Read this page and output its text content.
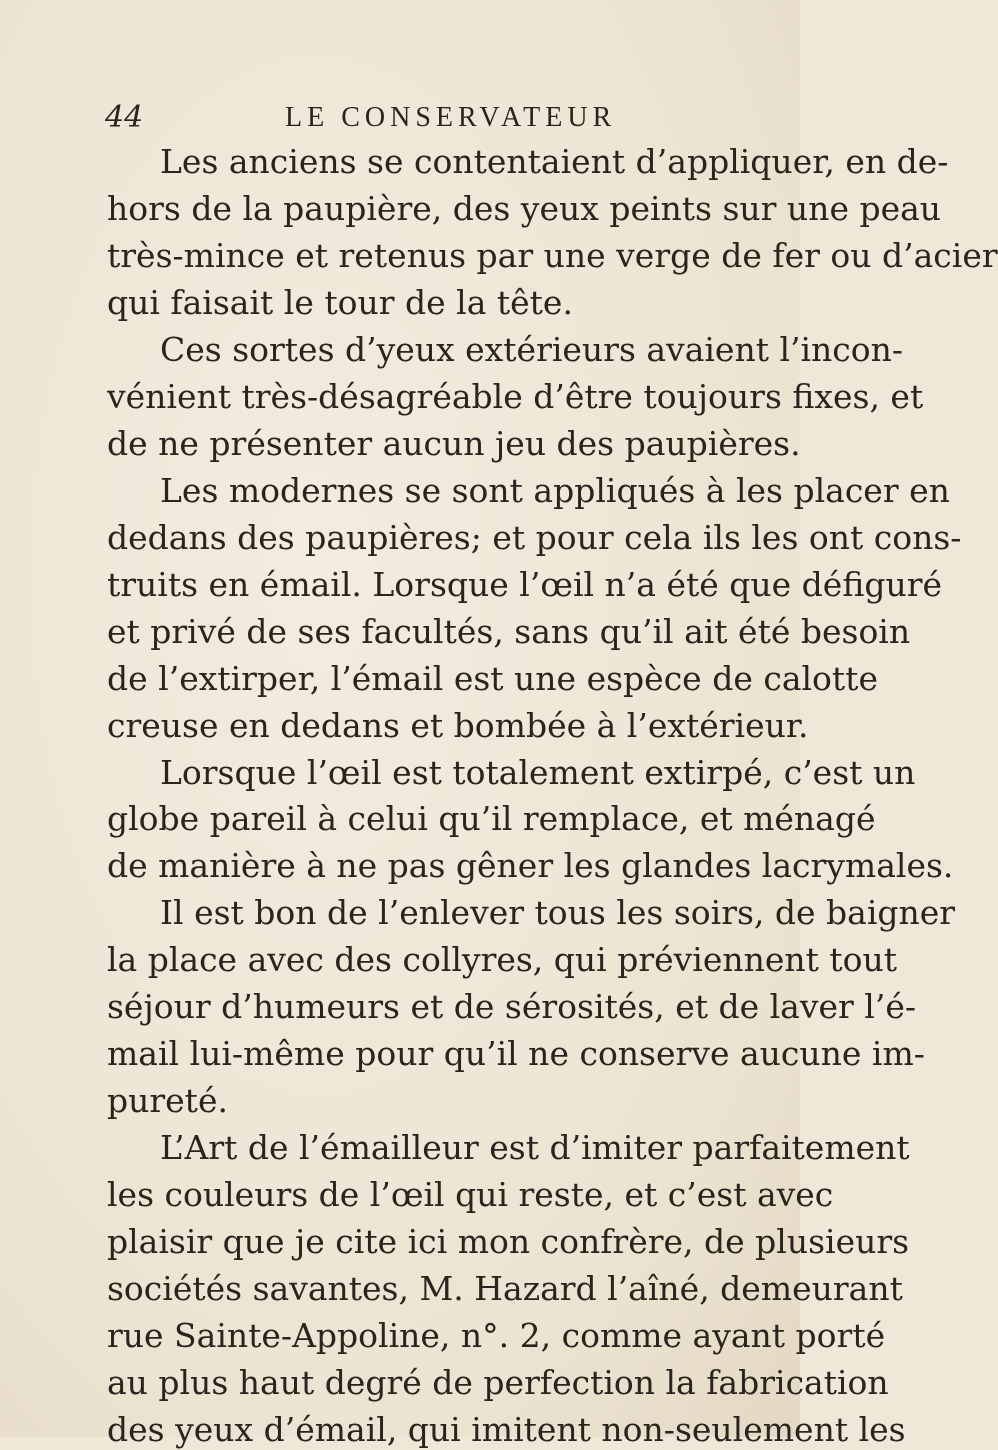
44	LE CONSERVATEUR
Les anciens se contentaient d’appliquer, en de-
hors de la paupière, des yeux peints sur une peau
très-mince et retenus par une verge de fer ou d’acier
qui faisait le tour de la tête.
Ces sortes d’yeux extérieurs avaient l’incon-
vénient très-désagréable d’être toujours fixes, et
de ne présenter aucun jeu des paupières.
Les modernes se sont appliqués à les placer en
dedans des paupières; et pour cela ils les ont cons-
truits en émail. Lorsque l’œil n’a été que défiguré
et privé de ses facultés, sans qu’il ait été besoin
de l’extirper, l’émail est une espèce de calotte
creuse en dedans et bombée à l’extérieur.
Lorsque l’œil est totalement extirpé, c’est un
globe pareil à celui qu’il remplace, et ménagé
de manière à ne pas gêner les glandes lacrymales.
Il est bon de l’enlever tous les soirs, de baigner
la place avec des collyres, qui préviennent tout
séjour d’humeurs et de sérosités, et de laver l’é-
mail lui-même pour qu’il ne conserve aucune im-
pureté.
L’Art de l’émailleur est d’imiter parfaitement
les couleurs de l’œil qui reste, et c’est avec
plaisir que je cite ici mon confrère, de plusieurs
sociétés savantes, M. Hazard l’aîné, demeurant
rue Sainte-Appoline, n°. 2, comme ayant porté
au plus haut degré de perfection la fabrication
des yeux d’émail, qui imitent non-seulement les
